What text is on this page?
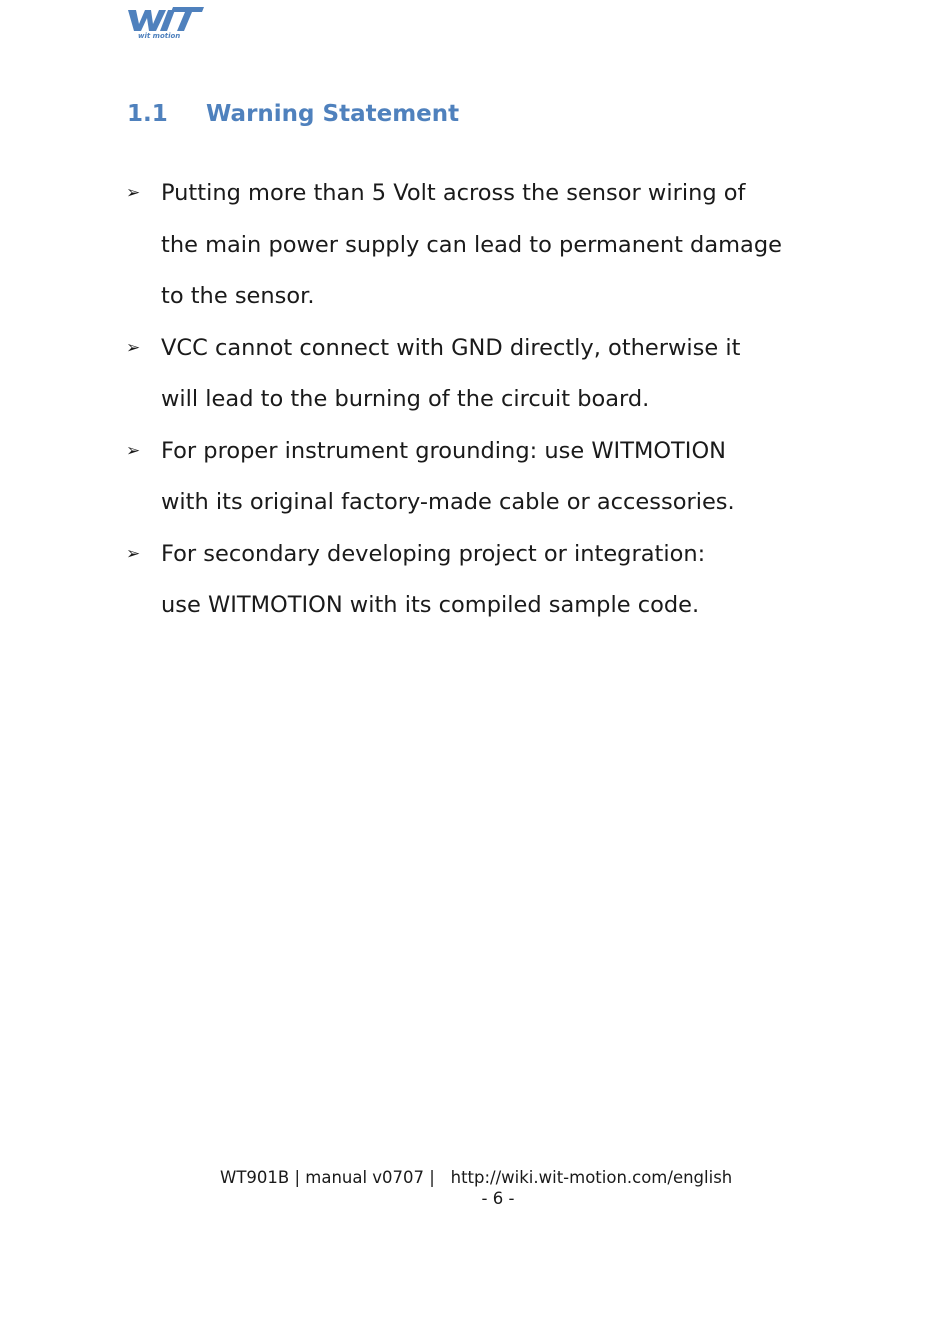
wit motion
1.1 Warning Statement
➢ Putting more than 5 Volt across the sensor wiring of
the main power supply can lead to permanent damage
to the sensor.
➢ VCC cannot connect with GND directly, otherwise it
will lead to the burning of the circuit board.
➢ For proper instrument grounding: use WITMOTION
with its original factory-made cable or accessories.
➢ For secondary developing project or integration:
use WITMOTION with its compiled sample code.
WT901B | manual v0707 | http://wiki.wit-motion.com/english
- 6 -
